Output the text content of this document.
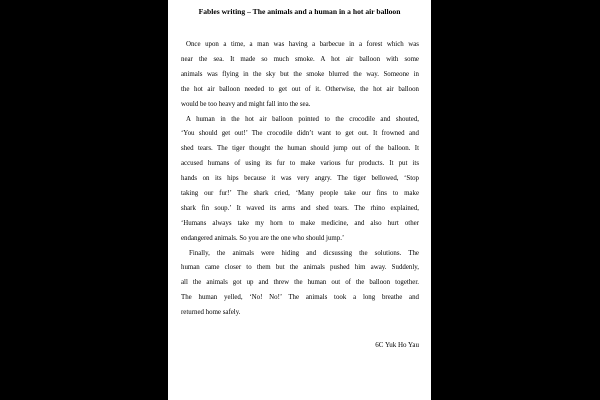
Fables writing – The animals and a human in a hot air balloon
Once upon a time, a man was having a barbecue in a forest which was
near the sea. It made so much smoke. A hot air balloon with some
animals was flying in the sky but the smoke blurred the way. Someone in
the hot air balloon needed to get out of it. Otherwise, the hot air balloon
would be too heavy and might fall into the sea.
A human in the hot air balloon pointed to the crocodile and shouted,
‘You should get out!’ The crocodile didn’t want to get out. It frowned and
shed tears. The tiger thought the human should jump out of the balloon. It
accused humans of using its fur to make various fur products. It put its
hands on its hips because it was very angry. The tiger bellowed, ‘Stop
taking our fur!’ The shark cried, ‘Many people take our fins to make
shark fin soup.’ It waved its arms and shed tears. The rhino explained,
‘Humans always take my horn to make medicine, and also hurt other
endangered animals. So you are the one who should jump.’
Finally, the animals were hiding and dicsussing the solutions. The
human came closer to them but the animals pushed him away. Suddenly,
all the animals got up and threw the human out of the balloon together.
The human yelled, ‘No! No!’ The animals took a long breathe and
returned home safely.
6C Yuk Ho Yau
